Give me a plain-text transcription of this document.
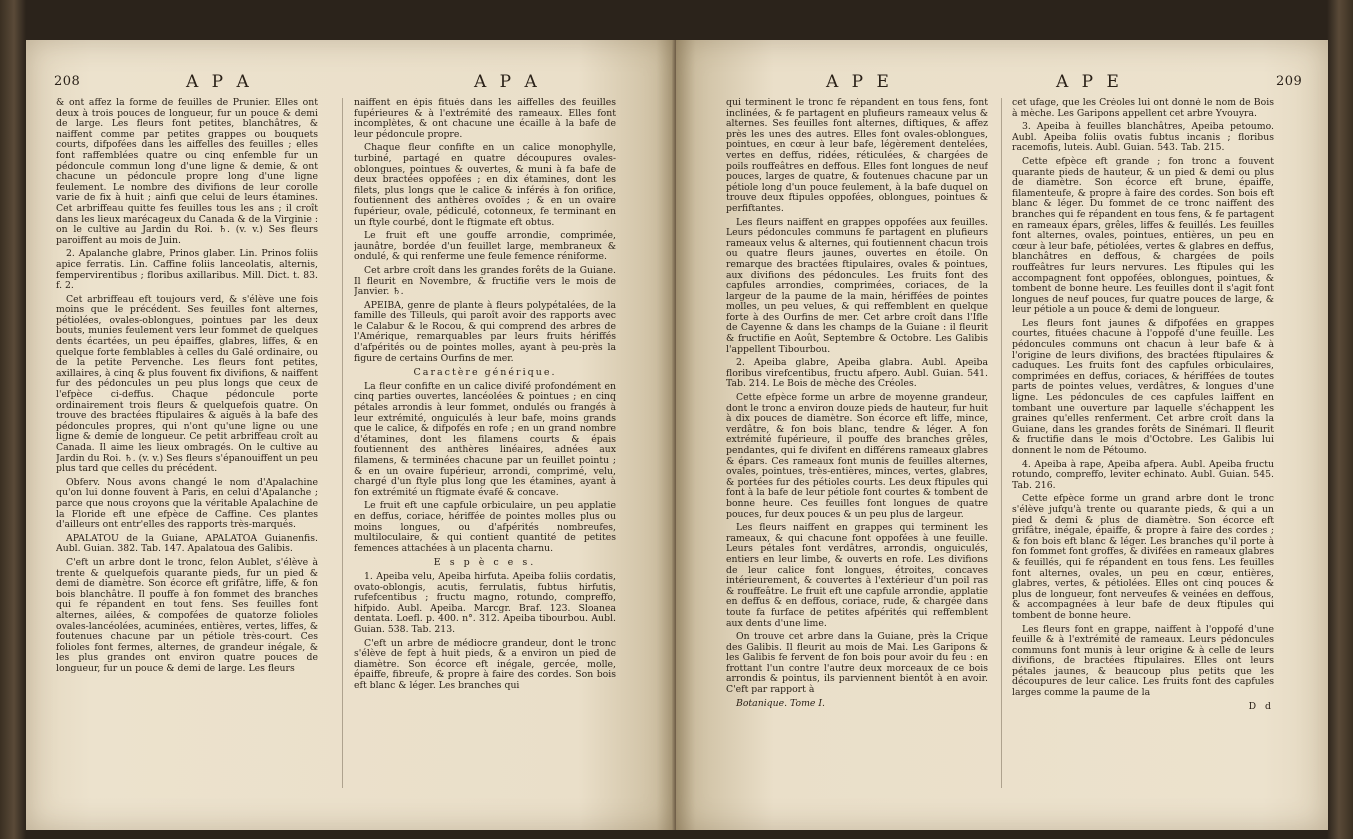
208	A P A	A P A

& ont affez la forme de feuilles de Prunier. Elles ont deux à trois pouces de longueur, fur un pouce & demi de large. Les fleurs font petites, blanchâtres, & naiffent comme par petites grappes ou bouquets courts, difpofées dans les aiffelles des feuilles ; elles font raffemblées quatre ou cinq enfemble fur un pédoncule commun long d'une ligne & demie, & ont chacune un pédoncule propre long d'une ligne feulement. Le nombre des divifions de leur corolle varie de fix à huit ; ainfi que celui de leurs étamines. Cet arbriffeau quitte fes feuilles tous les ans ; il croît dans les lieux marécageux du Canada & de la Virginie : on le cultive au Jardin du Roi. ♄. (v. v.) Ses fleurs paroiffent au mois de Juin.

2. Apalanche glabre, Prinos glaber. Lin. Prinos foliis apice ferratis. Lin. Caffine foliis lanceolatis, alternis, fempervirentibus ; floribus axillaribus. Mill. Dict. t. 83. f. 2.

Cet arbriffeau eft toujours verd, & s'élève une fois moins que le précédent. Ses feuilles font alternes, pétiolées, ovales-oblongues, pointues par les deux bouts, munies feulement vers leur fommet de quelques dents écartées, un peu épaiffes, glabres, liffes, & en quelque forte femblables à celles du Galé ordinaire, ou de la petite Pervenche. Les fleurs font petites, axillaires, à cinq & plus fouvent fix divifions, & naiffent fur des pédoncules un peu plus longs que ceux de l'efpèce ci-deffus. Chaque pédoncule porte ordinairement trois fleurs & quelquefois quatre. On trouve des bractées ftipulaires & aiguës à la bafe des pédoncules propres, qui n'ont qu'une ligne ou une ligne & demie de longueur. Ce petit arbriffeau croît au Canada. Il aime les lieux ombragés. On le cultive au Jardin du Roi. ♄. (v. v.) Ses fleurs s'épanouiffent un peu plus tard que celles du précédent.

Obferv. Nous avons changé le nom d'Apalachine qu'on lui donne fouvent à Paris, en celui d'Apalanche ; parce que nous croyons que la véritable Apalachine de la Floride eft une efpèce de Caffine. Ces plantes d'ailleurs ont entr'elles des rapports très-marqués.

APALATOU de la Guiane, APALATOA Guianenfis. Aubl. Guian. 382. Tab. 147. Apalatoua des Galibis.

C'eft un arbre dont le tronc, felon Aublet, s'élève à trente & quelquefois quarante pieds, fur un pied & demi de diamètre. Son écorce eft grifâtre, liffe, & fon bois blanchâtre. Il pouffe à fon fommet des branches qui fe répandent en tout fens. Ses feuilles font alternes, ailées, & compofées de quatorze folioles ovales-lancéolées, acuminées, entières, vertes, liffes, & foutenues chacune par un pétiole très-court. Ces folioles font fermes, alternes, de grandeur inégale, & les plus grandes ont environ quatre pouces de longueur, fur un pouce & demi de large. Les fleurs

naiffent en épis fitués dans les aiffelles des feuilles fupérieures & à l'extrémité des rameaux. Elles font incomplètes, & ont chacune une écaille à la bafe de leur pédoncule propre.

Chaque fleur confifte en un calice monophylle, turbiné, partagé en quatre découpures ovales-oblongues, pointues & ouvertes, & muni à fa bafe de deux bractées oppofées ; en dix étamines, dont les filets, plus longs que le calice & inférés à fon orifice, foutiennent des anthères ovoïdes ; & en un ovaire fupérieur, ovale, pédiculé, cotonneux, fe terminant en un ftyle courbé, dont le ftigmate eft obtus.

Le fruit eft une gouffe arrondie, comprimée, jaunâtre, bordée d'un feuillet large, membraneux & ondulé, & qui renferme une feule femence réniforme.

Cet arbre croît dans les grandes forêts de la Guiane. Il fleurit en Novembre, & fructifie vers le mois de Janvier. ♄.

APEIBA, genre de plante à fleurs polypétalées, de la famille des Tilleuls, qui paroît avoir des rapports avec le Calabur & le Rocou, & qui comprend des arbres de l'Amérique, remarquables par leurs fruits hériffés d'afpérités ou de pointes molles, ayant à peu-près la figure de certains Ourfins de mer.

Caractère générique.

La fleur confifte en un calice divifé profondément en cinq parties ouvertes, lancéolées & pointues ; en cinq pétales arrondis à leur fommet, ondulés ou frangés à leur extrémité, onguiculés à leur bafe, moins grands que le calice, & difpofés en rofe ; en un grand nombre d'étamines, dont les filamens courts & épais foutiennent des anthères linéaires, adnées aux filamens, & terminées chacune par un feuillet pointu ; & en un ovaire fupérieur, arrondi, comprimé, velu, chargé d'un ftyle plus long que les étamines, ayant à fon extrémité un ftigmate évafé & concave.

Le fruit eft une capfule orbiculaire, un peu applatie en deffus, coriace, hériffée de pointes molles plus ou moins longues, ou d'afpérités nombreufes, multiloculaire, & qui contient quantité de petites femences attachées à un placenta charnu.

E s p è c e s.

1. Apeiba velu, Apeiba hirfuta. Apeiba foliis cordatis, ovato-oblongis, acutis, ferrulatis, fubtus hirfutis, rufefcentibus ; fructu magno, rotundo, compreffo, hifpido. Aubl. Apeiba. Marcgr. Braf. 123. Sloanea dentata. Loefl. p. 400. n°. 312. Apeiba tibourbou. Aubl. Guian. 538. Tab. 213.

C'eft un arbre de médiocre grandeur, dont le tronc s'élève de fept à huit pieds, & a environ un pied de diamètre. Son écorce eft inégale, gercée, molle, épaiffe, fibreufe, & propre à faire des cordes. Son bois eft blanc & léger. Les branches qui

A P E	A P E	209

qui terminent le tronc fe répandent en tous fens, font inclinées, & fe partagent en plufieurs rameaux velus & alternes. Ses feuilles font alternes, diftiques, & affez près les unes des autres. Elles font ovales-oblongues, pointues, en cœur à leur bafe, légèrement dentelées, vertes en deffus, ridées, réticulées, & chargées de poils rouffeâtres en deffous. Elles font longues de neuf pouces, larges de quatre, & foutenues chacune par un pétiole long d'un pouce feulement, à la bafe duquel on trouve deux ftipules oppofées, oblongues, pointues & perfiftantes.

Les fleurs naiffent en grappes oppofées aux feuilles. Leurs pédoncules communs fe partagent en plufieurs rameaux velus & alternes, qui foutiennent chacun trois ou quatre fleurs jaunes, ouvertes en étoile. On remarque des bractées ftipulaires, ovales & pointues, aux divifions des pédoncules. Les fruits font des capfules arrondies, comprimées, coriaces, de la largeur de la paume de la main, hériffées de pointes molles, un peu velues, & qui reffemblent en quelque forte à des Ourfins de mer. Cet arbre croît dans l'Ifle de Cayenne & dans les champs de la Guiane : il fleurit & fructifie en Août, Septembre & Octobre. Les Galibis l'appellent Tibourbou.

2. Apeiba glabre, Apeiba glabra. Aubl. Apeiba floribus virefcentibus, fructu afpero. Aubl. Guian. 541. Tab. 214. Le Bois de mèche des Créoles.

Cette efpèce forme un arbre de moyenne grandeur, dont le tronc a environ douze pieds de hauteur, fur huit à dix pouces de diamètre. Son écorce eft liffe, mince, verdâtre, & fon bois blanc, tendre & léger. A fon extrémité fupérieure, il pouffe des branches grêles, pendantes, qui fe divifent en différens rameaux glabres & épars. Ces rameaux font munis de feuilles alternes, ovales, pointues, très-entières, minces, vertes, glabres, & portées fur des pétioles courts. Les deux ftipules qui font à la bafe de leur pétiole font courtes & tombent de bonne heure. Ces feuilles font longues de quatre pouces, fur deux pouces & un peu plus de largeur.

Les fleurs naiffent en grappes qui terminent les rameaux, & qui chacune font oppofées à une feuille. Leurs pétales font verdâtres, arrondis, onguiculés, entiers en leur limbe, & ouverts en rofe. Les divifions de leur calice font longues, étroites, concaves intérieurement, & couvertes à l'extérieur d'un poil ras & rouffeâtre. Le fruit eft une capfule arrondie, applatie en deffus & en deffous, coriace, rude, & chargée dans toute fa furface de petites afpérités qui reffemblent aux dents d'une lime.

On trouve cet arbre dans la Guiane, près la Crique des Galibis. Il fleurit au mois de Mai. Les Garipons & les Galibis fe fervent de fon bois pour avoir du feu : en frottant l'un contre l'autre deux morceaux de ce bois arrondis & pointus, ils parviennent bientôt à en avoir. C'eft par rapport à

Botanique. Tome I.

cet ufage, que les Créoles lui ont donné le nom de Bois à mèche. Les Garipons appellent cet arbre Yvouyra.

3. Apeiba à feuilles blanchâtres, Apeiba petoumo. Aubl. Apeiba foliis ovatis fubtus incanis ; floribus racemofis, luteis. Aubl. Guian. 543. Tab. 215.

Cette efpèce eft grande ; fon tronc a fouvent quarante pieds de hauteur, & un pied & demi ou plus de diamètre. Son écorce eft brune, épaiffe, filamenteufe, & propre à faire des cordes. Son bois eft blanc & léger. Du fommet de ce tronc naiffent des branches qui fe répandent en tous fens, & fe partagent en rameaux épars, grêles, liffes & feuillés. Les feuilles font alternes, ovales, pointues, entières, un peu en cœur à leur bafe, pétiolées, vertes & glabres en deffus, blanchâtres en deffous, & chargées de poils rouffeâtres fur leurs nervures. Les ftipules qui les accompagnent font oppofées, oblongues, pointues, & tombent de bonne heure. Les feuilles dont il s'agit font longues de neuf pouces, fur quatre pouces de large, & leur pétiole a un pouce & demi de longueur.

Les fleurs font jaunes & difpofées en grappes courtes, fituées chacune à l'oppofé d'une feuille. Les pédoncules communs ont chacun à leur bafe & à l'origine de leurs divifions, des bractées ftipulaires & caduques. Les fruits font des capfules orbiculaires, comprimées en deffus, coriaces, & hériffées de toutes parts de pointes velues, verdâtres, & longues d'une ligne. Les pédoncules de ces capfules laiffent en tombant une ouverture par laquelle s'échappent les graines qu'elles renferment. Cet arbre croît dans la Guiane, dans les grandes forêts de Sinémari. Il fleurit & fructifie dans le mois d'Octobre. Les Galibis lui donnent le nom de Pétoumo.

4. Apeiba à rape, Apeiba afpera. Aubl. Apeiba fructu rotundo, compreffo, leviter echinato. Aubl. Guian. 545. Tab. 216.

Cette efpèce forme un grand arbre dont le tronc s'élève jufqu'à trente ou quarante pieds, & qui a un pied & demi & plus de diamètre. Son écorce eft grifâtre, inégale, épaiffe, & propre à faire des cordes ; & fon bois eft blanc & léger. Les branches qu'il porte à fon fommet font groffes, & divifées en rameaux glabres & feuillés, qui fe répandent en tous fens. Les feuilles font alternes, ovales, un peu en cœur, entières, glabres, vertes, & pétiolées. Elles ont cinq pouces & plus de longueur, font nerveufes & veinées en deffous, & accompagnées à leur bafe de deux ftipules qui tombent de bonne heure.

Les fleurs font en grappe, naiffent à l'oppofé d'une feuille & à l'extrémité de rameaux. Leurs pédoncules communs font munis à leur origine & à celle de leurs divifions, de bractées ftipulaires. Elles ont leurs pétales jaunes, & beaucoup plus petits que les découpures de leur calice. Les fruits font des capfules larges comme la paume de la

D d
